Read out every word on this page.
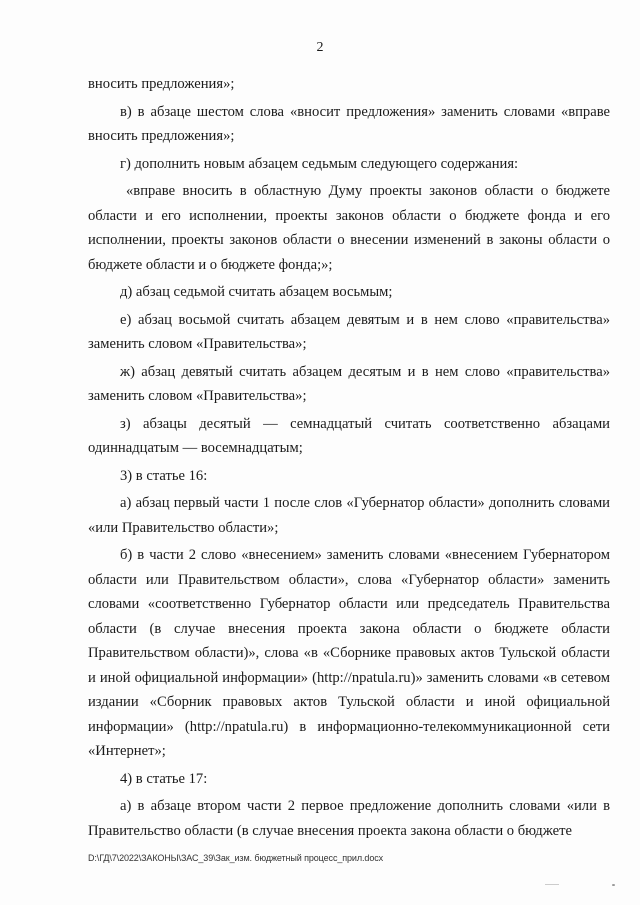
2

вносить предложения»;

в) в абзаце шестом слова «вносит предложения» заменить словами «вправе вносить предложения»;

г) дополнить новым абзацем седьмым следующего содержания:

«вправе вносить в областную Думу проекты законов области о бюджете области и его исполнении, проекты законов области о бюджете фонда и его исполнении, проекты законов области о внесении изменений в законы области о бюджете области и о бюджете фонда;»;

д) абзац седьмой считать абзацем восьмым;

е) абзац восьмой считать абзацем девятым и в нем слово «правительства» заменить словом «Правительства»;

ж) абзац девятый считать абзацем десятым и в нем слово «правительства» заменить словом «Правительства»;

з) абзацы десятый — семнадцатый считать соответственно абзацами одиннадцатым — восемнадцатым;

3) в статье 16:

а) абзац первый части 1 после слов «Губернатор области» дополнить словами «или Правительство области»;

б) в части 2 слово «внесением» заменить словами «внесением Губернатором области или Правительством области», слова «Губернатор области» заменить словами «соответственно Губернатор области или председатель Правительства области (в случае внесения проекта закона области о бюджете области Правительством области)», слова «в «Сборнике правовых актов Тульской области и иной официальной информации» (http://npatula.ru)» заменить словами «в сетевом издании «Сборник правовых актов Тульской области и иной официальной информации» (http://npatula.ru) в информационно-телекоммуникационной сети «Интернет»;

4) в статье 17:

а) в абзаце втором части 2 первое предложение дополнить словами «или в Правительство области (в случае внесения проекта закона области о бюджете

D:\ГД\7\2022\ЗАКОНЫ\ЗАС_39\Зак_изм. бюджетный процесс_прил.docx
